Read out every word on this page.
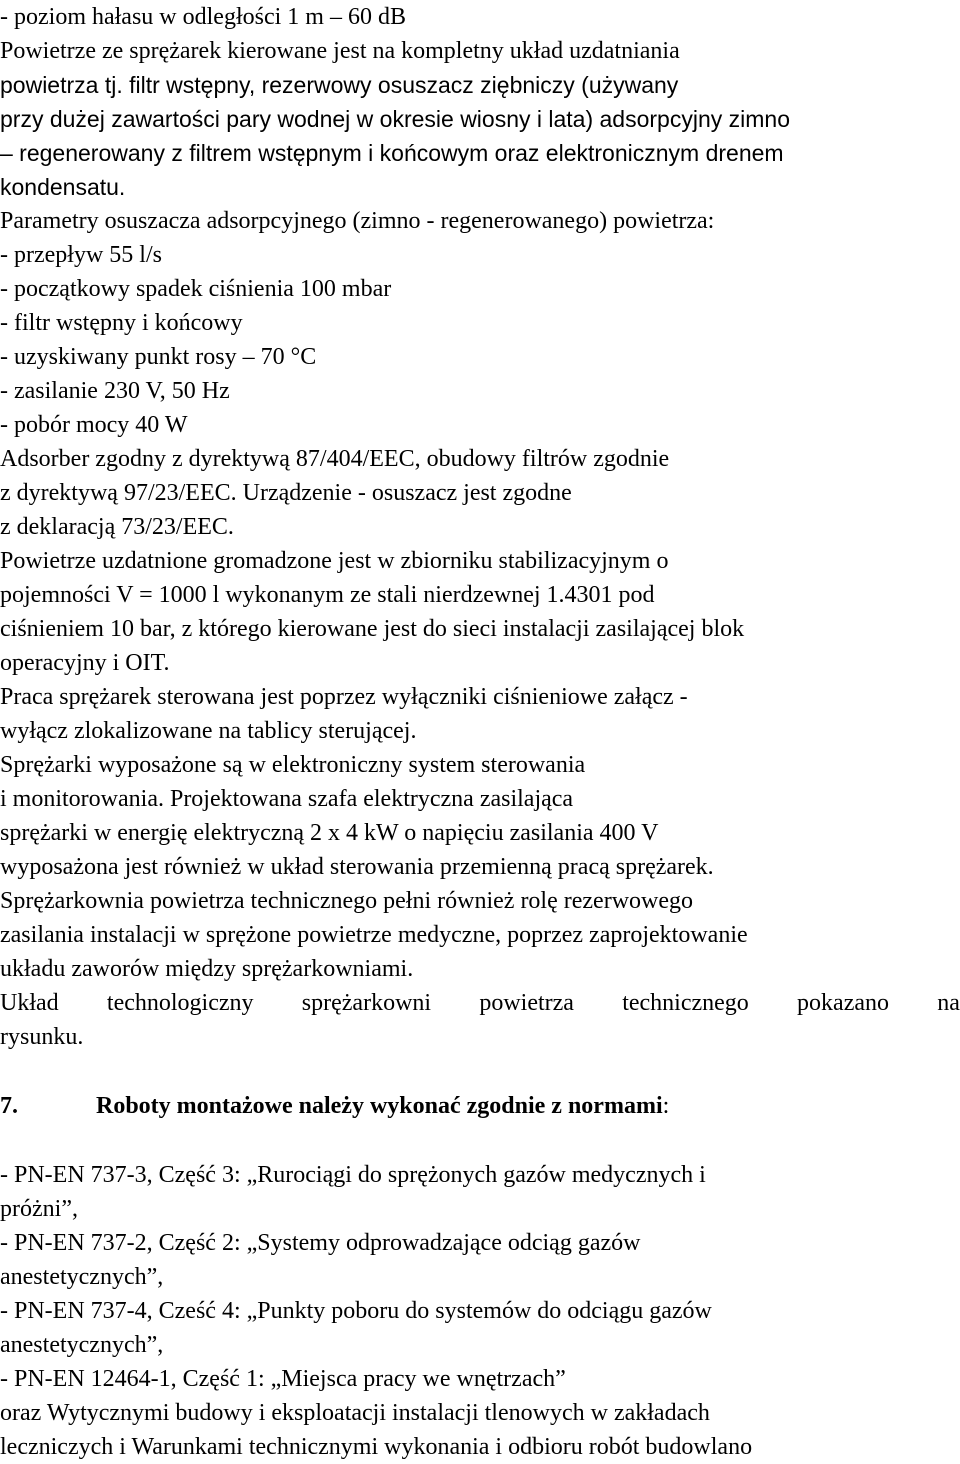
- poziom hałasu w odległości 1 m – 60 dB
Powietrze ze sprężarek kierowane jest na kompletny układ uzdatniania
powietrza tj. filtr wstępny, rezerwowy osuszacz ziębniczy (używany
przy dużej zawartości pary wodnej w okresie wiosny i lata) adsorpcyjny zimno
– regenerowany z filtrem wstępnym i końcowym oraz elektronicznym drenem
kondensatu.
Parametry osuszacza adsorpcyjnego (zimno - regenerowanego) powietrza:
- przepływ 55 l/s
- początkowy spadek ciśnienia 100 mbar
- filtr wstępny i końcowy
- uzyskiwany punkt rosy – 70 °C
- zasilanie 230 V, 50 Hz
- pobór mocy 40 W
Adsorber zgodny z dyrektywą 87/404/EEC, obudowy filtrów zgodnie
z dyrektywą 97/23/EEC. Urządzenie - osuszacz jest zgodne
z deklaracją 73/23/EEC.
Powietrze uzdatnione gromadzone jest w zbiorniku stabilizacyjnym o
pojemności V = 1000 l wykonanym ze stali nierdzewnej 1.4301 pod
ciśnieniem 10 bar, z którego kierowane jest do sieci instalacji zasilającej blok
operacyjny i OIT.
Praca sprężarek sterowana jest poprzez wyłączniki ciśnieniowe załącz -
wyłącz zlokalizowane na tablicy sterującej.
Sprężarki wyposażone są w elektroniczny system sterowania
i monitorowania. Projektowana szafa elektryczna zasilająca
sprężarki w energię elektryczną 2 x 4 kW o napięciu zasilania 400 V
wyposażona jest również w układ sterowania przemienną pracą sprężarek.
Sprężarkownia powietrza technicznego pełni również rolę rezerwowego
zasilania instalacji w sprężone powietrze medyczne, poprzez zaprojektowanie
układu zaworów między sprężarkowniami.
Układ technologiczny sprężarkowni powietrza technicznego pokazano na
rysunku.
7.	Roboty montażowe należy wykonać zgodnie z normami:
- PN-EN 737-3, Część 3: „Rurociągi do sprężonych gazów medycznych i
próżni”,
- PN-EN 737-2, Część 2: „Systemy odprowadzające odciąg gazów
anestetycznych”,
- PN-EN 737-4, Cześć 4: „Punkty poboru do systemów do odciągu gazów
anestetycznych”,
- PN-EN 12464-1, Część 1: „Miejsca pracy we wnętrzach”
oraz Wytycznymi budowy i eksploatacji instalacji tlenowych w zakładach
leczniczych i Warunkami technicznymi wykonania i odbioru robót budowlano
